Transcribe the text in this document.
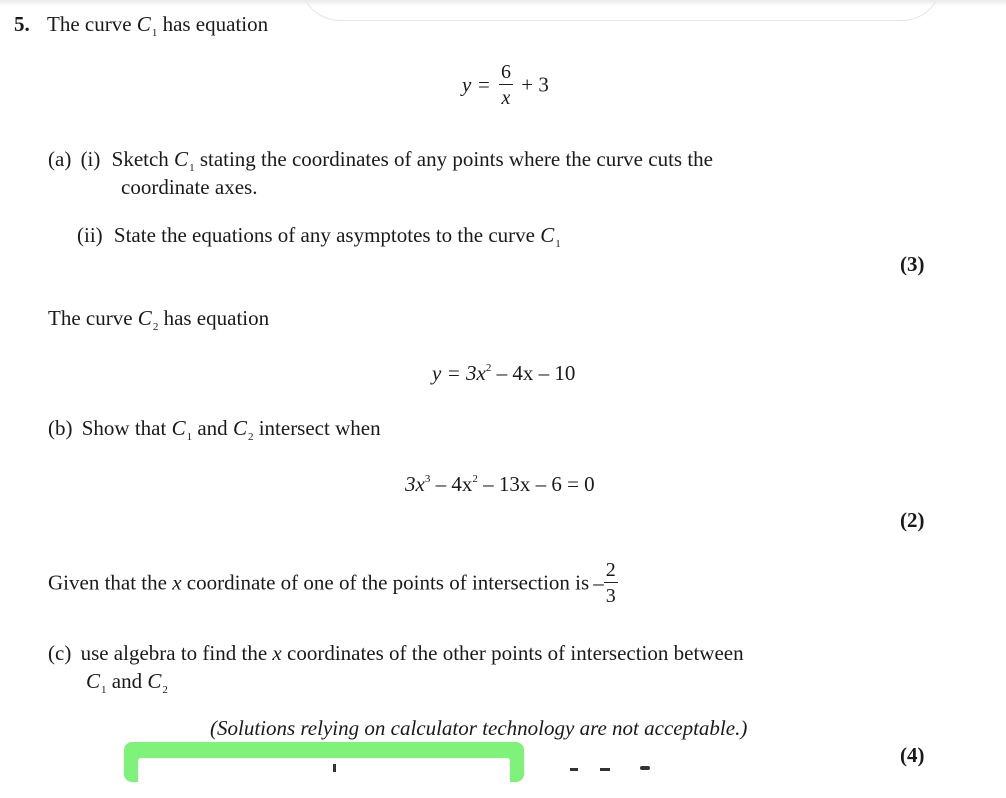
5. The curve $C_1$ has equation
$y = \frac{6}{x} + 3$
(a) (i) Sketch $C_1$ stating the coordinates of any points where the curve cuts the
coordinate axes.
(ii) State the equations of any asymptotes to the curve $C_1$
(3)
The curve $C_2$ has equation
$y = 3x^2 - 4x - 10$
(b) Show that $C_1$ and $C_2$ intersect when
$3x^3 - 4x^2 - 13x - 6 = 0$
(2)
Given that the x coordinate of one of the points of intersection is – $\frac{2}{3}$
(c) use algebra to find the x coordinates of the other points of intersection between
$C_1$ and $C_2$
(Solutions relying on calculator technology are not acceptable.)
(4)
